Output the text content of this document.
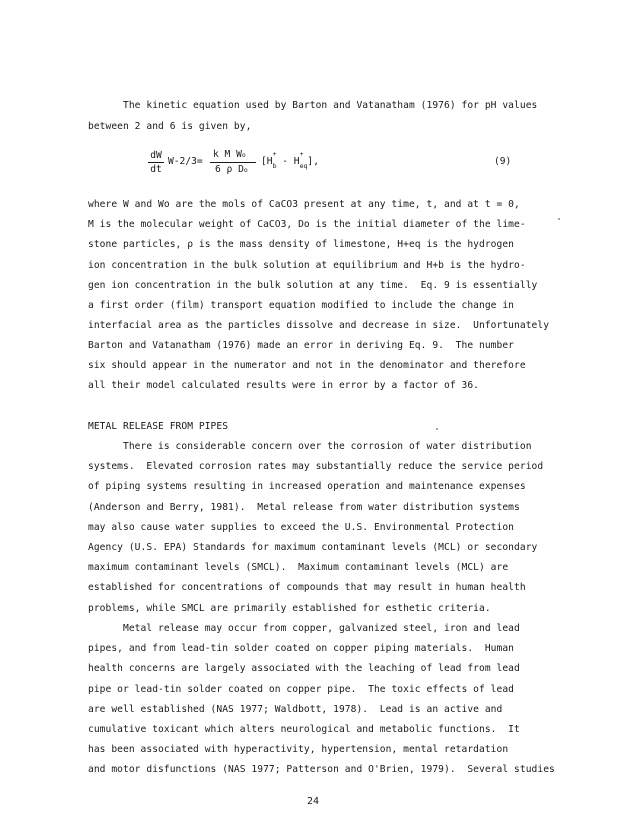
The kinetic equation used by Barton and Vatanatham (1976) for pH values
between 2 and 6 is given by,
dW
dt
W-2/3=
k M Wo
6 ρ Do
[H
+
$_b$ - H
+
$_{eq}$],	(9)
where W and Wo are the mols of CaCO3 present at any time, t, and at t = 0,
M is the molecular weight of CaCO3, Do is the initial diameter of the lime-
stone particles, ρ is the mass density of limestone, H+eq is the hydrogen
ion concentration in the bulk solution at equilibrium and H+b is the hydro-
gen ion concentration in the bulk solution at any time.  Eq. 9 is essentially
a first order (film) transport equation modified to include the change in
interfacial area as the particles dissolve and decrease in size.  Unfortunately
Barton and Vatanatham (1976) made an error in deriving Eq. 9.  The number
six should appear in the numerator and not in the denominator and therefore
all their model calculated results were in error by a factor of 36.
METAL RELEASE FROM PIPES
There is considerable concern over the corrosion of water distribution
systems.  Elevated corrosion rates may substantially reduce the service period
of piping systems resulting in increased operation and maintenance expenses
(Anderson and Berry, 1981).  Metal release from water distribution systems
may also cause water supplies to exceed the U.S. Environmental Protection
Agency (U.S. EPA) Standards for maximum contaminant levels (MCL) or secondary
maximum contaminant levels (SMCL).  Maximum contaminant levels (MCL) are
established for concentrations of compounds that may result in human health
problems, while SMCL are primarily established for esthetic criteria.
Metal release may occur from copper, galvanized steel, iron and lead
pipes, and from lead-tin solder coated on copper piping materials.  Human
health concerns are largely associated with the leaching of lead from lead
pipe or lead-tin solder coated on copper pipe.  The toxic effects of lead
are well established (NAS 1977; Waldbott, 1978).  Lead is an active and
cumulative toxicant which alters neurological and metabolic functions.  It
has been associated with hyperactivity, hypertension, mental retardation
and motor disfunctions (NAS 1977; Patterson and O'Brien, 1979).  Several studies
24
